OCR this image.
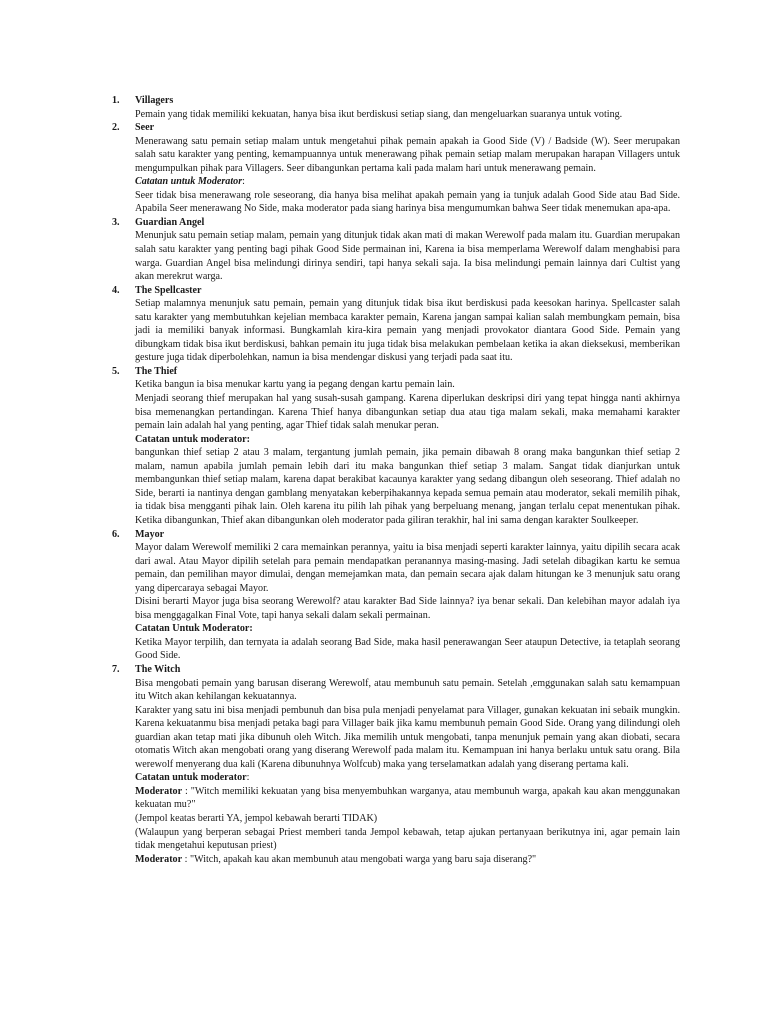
1. Villagers
Pemain yang tidak memiliki kekuatan, hanya bisa ikut berdiskusi setiap siang, dan mengeluarkan suaranya untuk voting.
2. Seer
Menerawang satu pemain setiap malam untuk mengetahui pihak pemain apakah ia Good Side (V) / Badside (W). Seer merupakan salah satu karakter yang penting, kemampuannya untuk menerawang pihak pemain setiap malam merupakan harapan Villagers untuk mengumpulkan pihak para Villagers. Seer dibangunkan pertama kali pada malam hari untuk menerawang pemain.
Catatan untuk Moderator:
Seer tidak bisa menerawang role seseorang, dia hanya bisa melihat apakah pemain yang ia tunjuk adalah Good Side atau Bad Side. Apabila Seer menerawang No Side, maka moderator pada siang harinya bisa mengumumkan bahwa Seer tidak menemukan apa-apa.
3. Guardian Angel
Menunjuk satu pemain setiap malam, pemain yang ditunjuk tidak akan mati di makan Werewolf pada malam itu. Guardian merupakan salah satu karakter yang penting bagi pihak Good Side permainan ini, Karena ia bisa memperlama Werewolf dalam menghabisi para warga. Guardian Angel bisa melindungi dirinya sendiri, tapi hanya sekali saja. Ia bisa melindungi pemain lainnya dari Cultist yang akan merekrut warga.
4. The Spellcaster
Setiap malamnya menunjuk satu pemain, pemain yang ditunjuk tidak bisa ikut berdiskusi pada keesokan harinya. Spellcaster salah satu karakter yang membutuhkan kejelian membaca karakter pemain, Karena jangan sampai kalian salah membungkam pemain, bisa jadi ia memiliki banyak informasi. Bungkamlah kira-kira pemain yang menjadi provokator diantara Good Side. Pemain yang dibungkam tidak bisa ikut berdiskusi, bahkan pemain itu juga tidak bisa melakukan pembelaan ketika ia akan dieksekusi, memberikan gesture juga tidak diperbolehkan, namun ia bisa mendengar diskusi yang terjadi pada saat itu.
5. The Thief
Ketika bangun ia bisa menukar kartu yang ia pegang dengan kartu pemain lain.
Menjadi seorang thief merupakan hal yang susah-susah gampang. Karena diperlukan deskripsi diri yang tepat hingga nanti akhirnya bisa memenangkan pertandingan. Karena Thief hanya dibangunkan setiap dua atau tiga malam sekali, maka memahami karakter pemain lain adalah hal yang penting, agar Thief tidak salah menukar peran.
Catatan untuk moderator:
bangunkan thief setiap 2 atau 3 malam, tergantung jumlah pemain, jika pemain dibawah 8 orang maka bangunkan thief setiap 2 malam, namun apabila jumlah pemain lebih dari itu maka bangunkan thief setiap 3 malam. Sangat tidak dianjurkan untuk membangunkan thief setiap malam, karena dapat berakibat kacaunya karakter yang sedang dibangun oleh seseorang. Thief adalah no Side, berarti ia nantinya dengan gamblang menyatakan keberpihakannya kepada semua pemain atau moderator, sekali memilih pihak, ia tidak bisa mengganti pihak lain. Oleh karena itu pilih lah pihak yang berpeluang menang, jangan terlalu cepat menentukan pihak. Ketika dibangunkan, Thief akan dibangunkan oleh moderator pada giliran terakhir, hal ini sama dengan karakter Soulkeeper.
6. Mayor
Mayor dalam Werewolf memiliki 2 cara memainkan perannya, yaitu ia bisa menjadi seperti karakter lainnya, yaitu dipilih secara acak dari awal. Atau Mayor dipilih setelah para pemain mendapatkan peranannya masing-masing. Jadi setelah dibagikan kartu ke semua pemain, dan pemilihan mayor dimulai, dengan memejamkan mata, dan pemain secara ajak dalam hitungan ke 3 menunjuk satu orang yang dipercaraya sebagai Mayor.
Disini berarti Mayor juga bisa seorang Werewolf? atau karakter Bad Side lainnya? iya benar sekali. Dan kelebihan mayor adalah iya bisa menggagalkan Final Vote, tapi hanya sekali dalam sekali permainan.
Catatan Untuk Moderator:
Ketika Mayor terpilih, dan ternyata ia adalah seorang Bad Side, maka hasil penerawangan Seer ataupun Detective, ia tetaplah seorang Good Side.
7. The Witch
Bisa mengobati pemain yang barusan diserang Werewolf, atau membunuh satu pemain. Setelah ,emggunakan salah satu kemampuan itu Witch akan kehilangan kekuatannya.
Karakter yang satu ini bisa menjadi pembunuh dan bisa pula menjadi penyelamat para Villager, gunakan kekuatan ini sebaik mungkin. Karena kekuatanmu bisa menjadi petaka bagi para Villager baik jika kamu membunuh pemain Good Side. Orang yang dilindungi oleh guardian akan tetap mati jika dibunuh oleh Witch. Jika memilih untuk mengobati, tanpa menunjuk pemain yang akan diobati, secara otomatis Witch akan mengobati orang yang diserang Werewolf pada malam itu. Kemampuan ini hanya berlaku untuk satu orang. Bila werewolf menyerang dua kali (Karena dibunuhnya Wolfcub) maka yang terselamatkan adalah yang diserang pertama kali.
Catatan untuk moderator:
Moderator : "Witch memiliki kekuatan yang bisa menyembuhkan warganya, atau membunuh warga, apakah kau akan menggunakan kekuatan mu?"
(Jempol keatas berarti YA, jempol kebawah berarti TIDAK)
(Walaupun yang berperan sebagai Priest memberi tanda Jempol kebawah, tetap ajukan pertanyaan berikutnya ini, agar pemain lain tidak mengetahui keputusan priest)
Moderator : "Witch, apakah kau akan membunuh atau mengobati warga yang baru saja diserang?"
